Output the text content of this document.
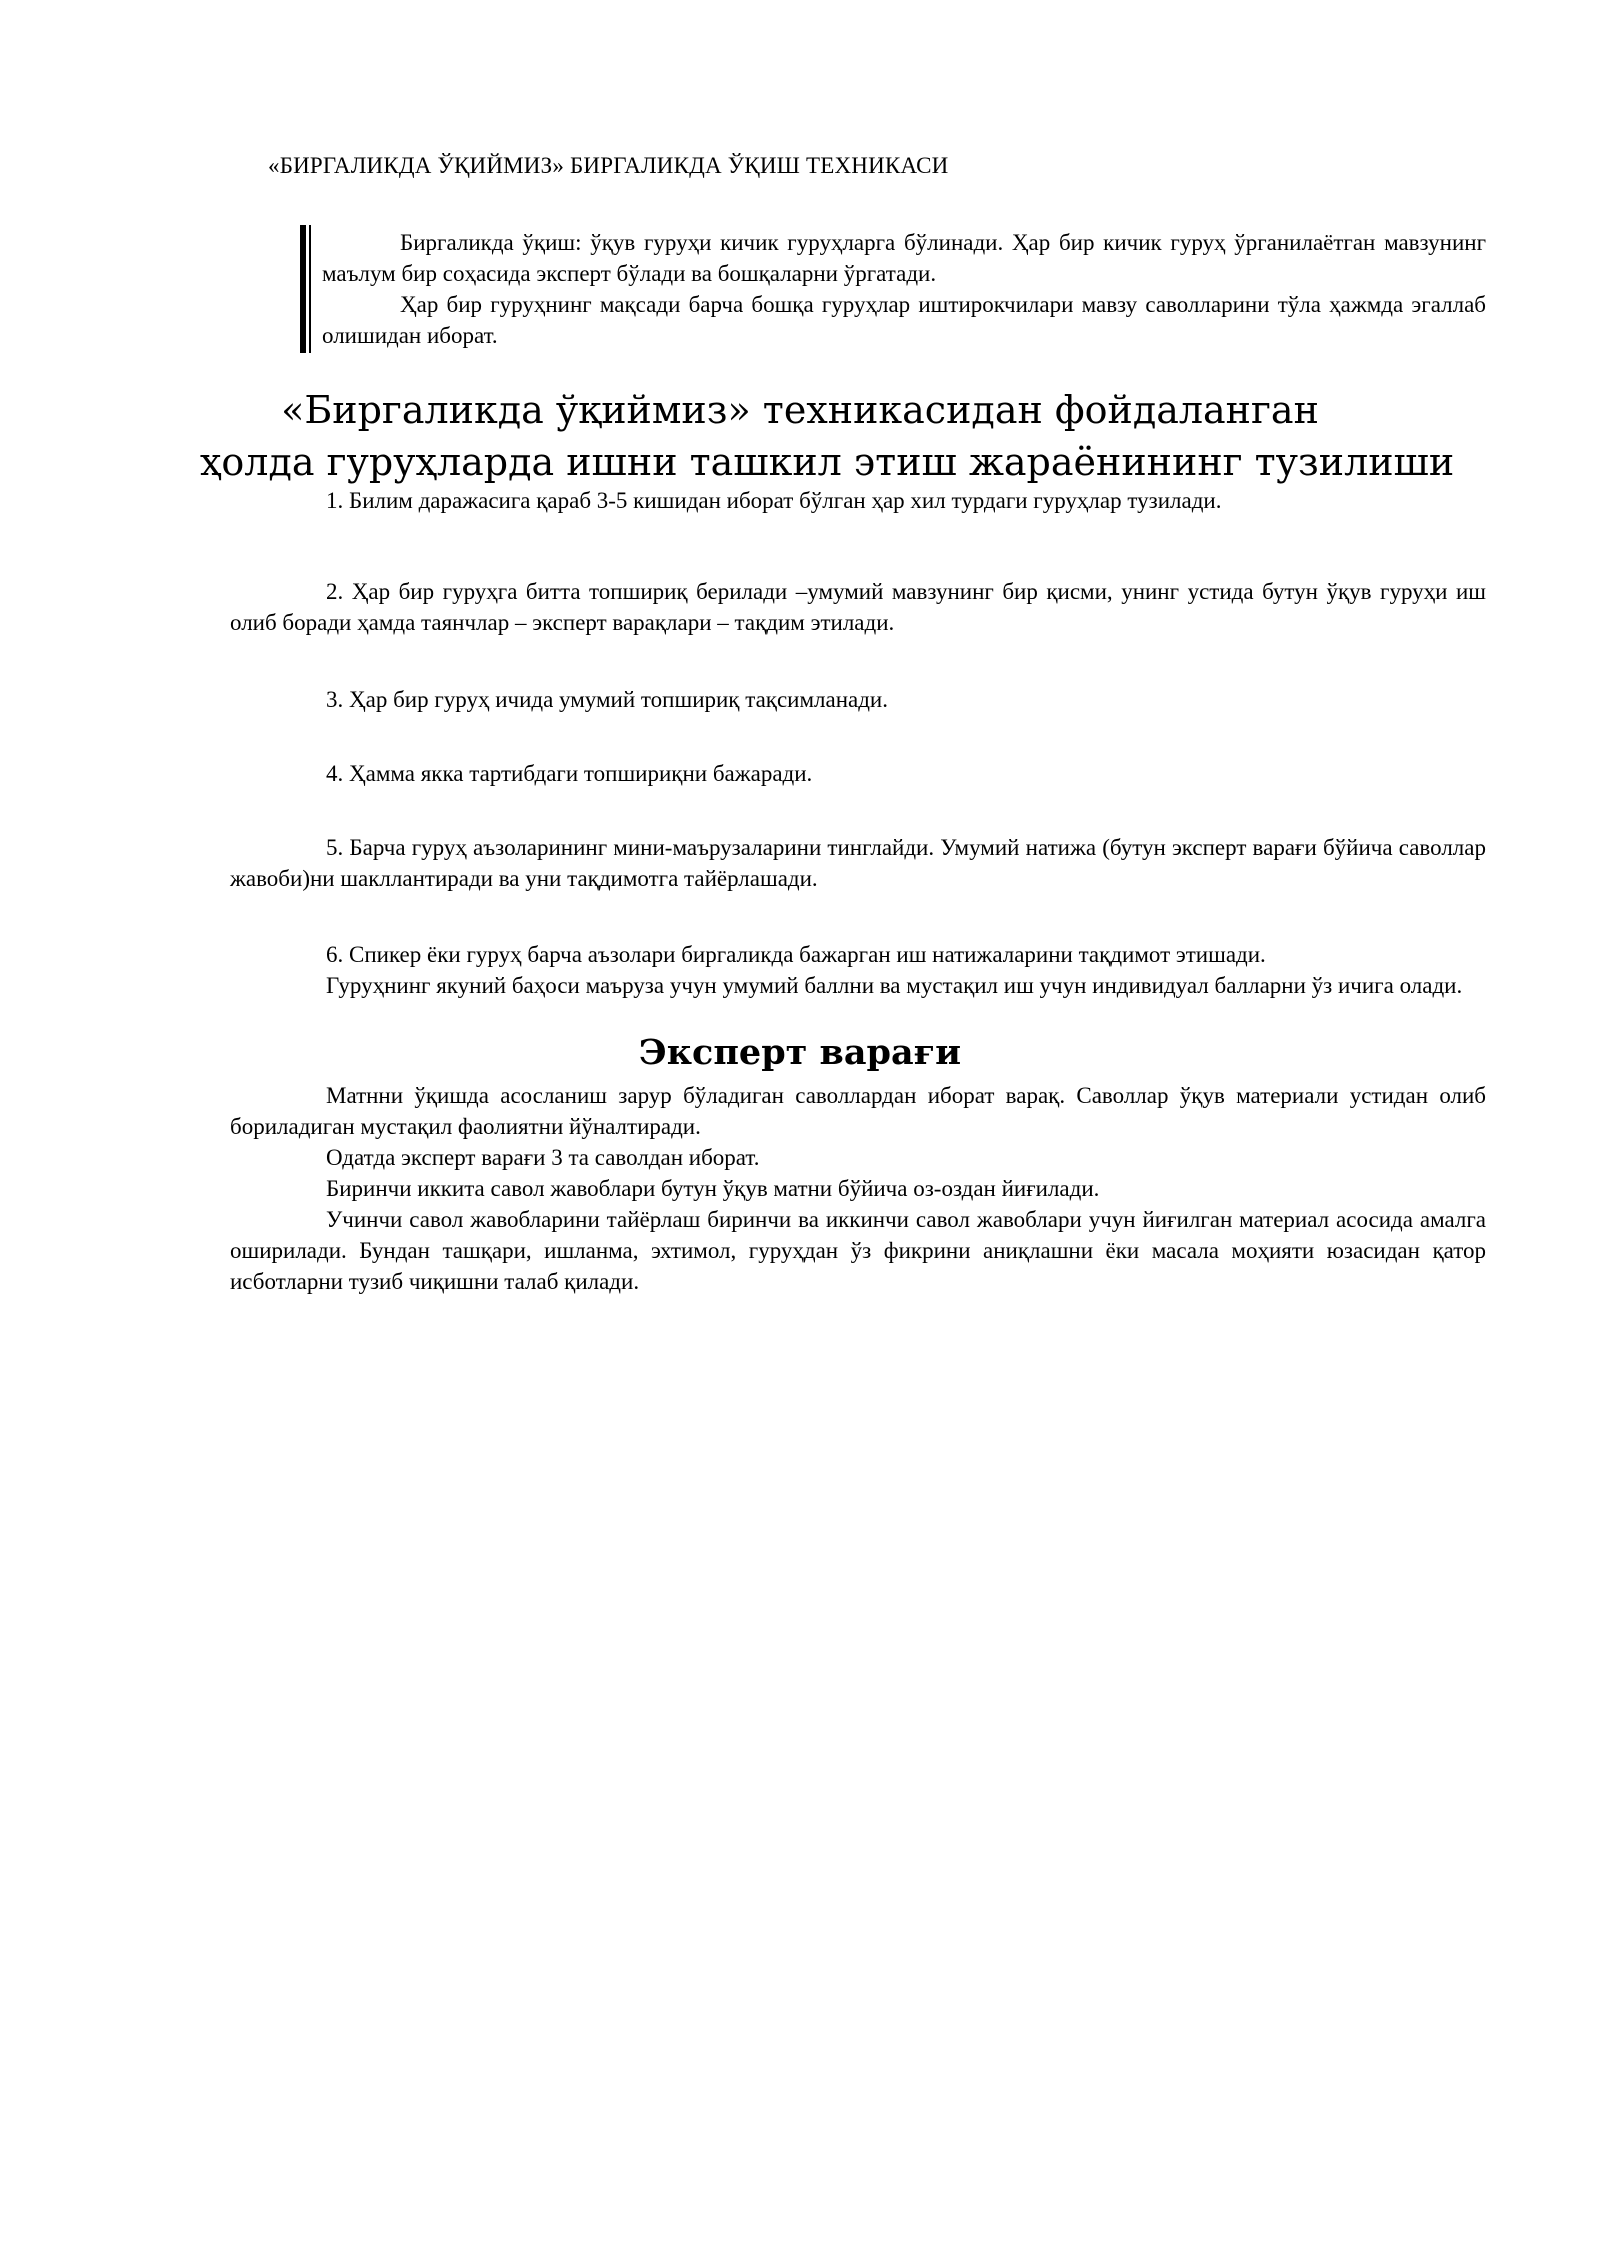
«БИРГАЛИКДА ЎҚИЙМИЗ» БИРГАЛИКДА ЎҚИШ ТЕХНИКАСИ

Биргаликда ўқиш: ўқув гуруҳи кичик гуруҳларга бўлинади. Ҳар бир кичик гуруҳ ўрганилаётган мавзунинг маълум бир соҳасида эксперт бўлади ва бошқаларни ўргатади.

Ҳар бир гуруҳнинг мақсади барча бошқа гуруҳлар иштирокчилари мавзу саволларини тўла ҳажмда эгаллаб олишидан иборат.

«Биргаликда ўқиймиз» техникасидан фойдаланган
ҳолда гуруҳларда ишни ташкил этиш жараёнининг тузилиши

1. Билим даражасига қараб 3-5 кишидан иборат бўлган ҳар хил турдаги гуруҳлар тузилади.

2. Ҳар бир гуруҳга битта топшириқ берилади –умумий мавзунинг бир қисми, унинг устида бутун ўқув гуруҳи иш олиб боради ҳамда таянчлар – эксперт варақлари – тақдим этилади.

3. Ҳар бир гуруҳ ичида умумий топшириқ тақсимланади.

4. Ҳамма якка тартибдаги топшириқни бажаради.

5. Барча гуруҳ аъзоларининг мини-маърузаларини тинглайди. Умумий натижа (бутун эксперт варағи бўйича саволлар жавоби)ни шакллантиради ва уни тақдимотга тайёрлашади.

6. Спикер ёки гуруҳ барча аъзолари биргаликда бажарган иш натижаларини тақдимот этишади.

Гуруҳнинг якуний баҳоси маъруза учун умумий баллни ва мустақил иш учун индивидуал балларни ўз ичига олади.

Эксперт варағи

Матнни ўқишда асосланиш зарур бўладиган саволлардан иборат варақ. Саволлар ўқув материали устидан олиб бориладиган мустақил фаолиятни йўналтиради.

Одатда эксперт варағи 3 та саволдан иборат.

Биринчи иккита савол жавоблари бутун ўқув матни бўйича оз-оздан йиғилади.

Учинчи савол жавобларини тайёрлаш биринчи ва иккинчи савол жавоблари учун йиғилган материал асосида амалга оширилади. Бундан ташқари, ишланма, эхтимол, гуруҳдан ўз фикрини аниқлашни ёки масала моҳияти юзасидан қатор исботларни тузиб чиқишни талаб қилади.
